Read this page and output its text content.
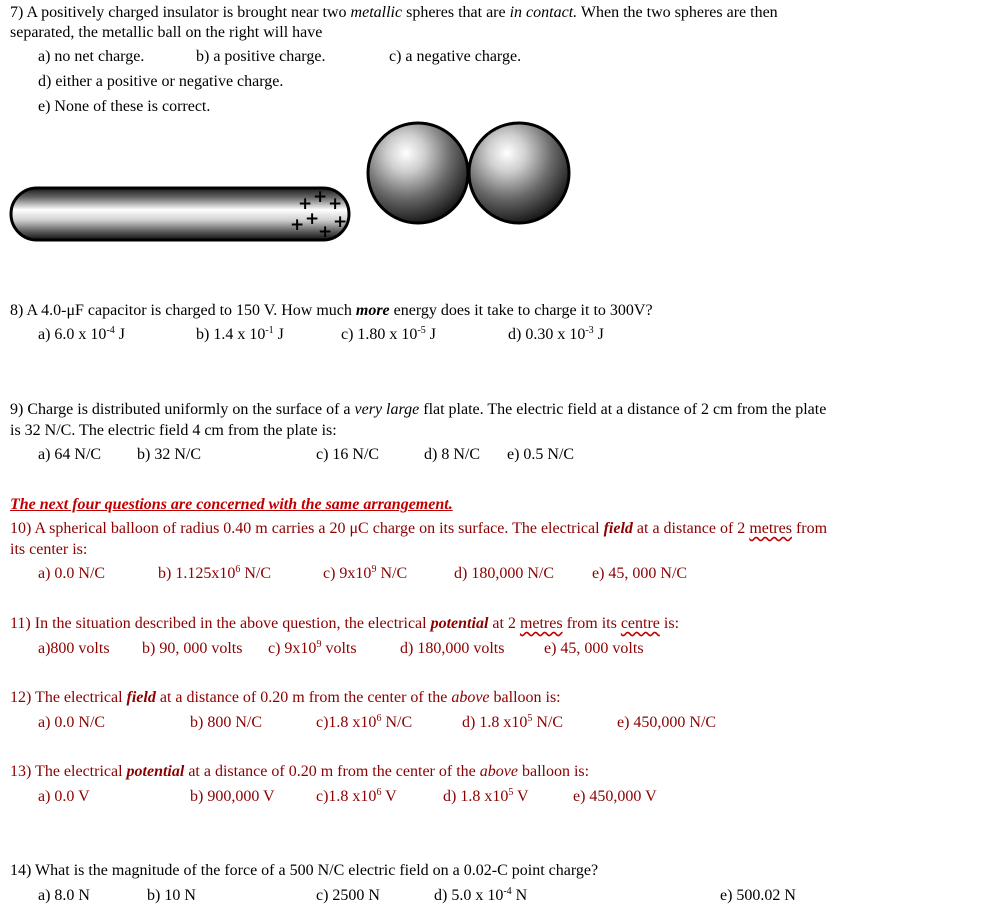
7) A positively charged insulator is brought near two metallic spheres that are in contact. When the two spheres are then
separated, the metallic ball on the right will have
a) no net charge.	b) a positive charge.	c) a negative charge.
d) either a positive or negative charge.
e) None of these is correct.
+ + +
+ +
+ +
8) A 4.0-μF capacitor is charged to 150 V. How much more energy does it take to charge it to 300V?
a) 6.0 x $10^{-4}$ J	b) 1.4 x $10^{-1}$ J	c) 1.80 x $10^{-5}$ J	d) 0.30 x $10^{-3}$ J
9) Charge is distributed uniformly on the surface of a very large flat plate. The electric field at a distance of 2 cm from the plate
is 32 N/C. The electric field 4 cm from the plate is:
a) 64 N/C b) 32 N/C	c) 16 N/C	d) 8 N/C e) 0.5 N/C
The next four questions are concerned with the same arrangement.
10) A spherical balloon of radius 0.40 m carries a 20 μC charge on its surface. The electrical field at a distance of 2 metres from
its center is:
a) 0.0 N/C	b) $1.125x10^6$ N/C	c) $9x10^9$ N/C	d) 180,000 N/C e) 45, 000 N/C
11) In the situation described in the above question, the electrical potential at 2 metres from its centre is:
a)800 volts b) 90, 000 volts c) $9x10^9$ volts	d) 180,000 volts e) 45, 000 volts
12) The electrical field at a distance of 0.20 m from the center of the above balloon is:
a) 0.0 N/C	b) 800 N/C	c)1.8 $x10^6$ N/C	d) 1.8 $x10^5$ N/C	e) 450,000 N/C
13) The electrical potential at a distance of 0.20 m from the center of the above balloon is:
a) 0.0 V	b) 900,000 V	c)1.8 $x10^6$ V	d) 1.8 $x10^5$ V	e) 450,000 V
14) What is the magnitude of the force of a 500 N/C electric field on a 0.02-C point charge?
a) 8.0 N	b) 10 N	c) 2500 N	d) 5.0 x $10^{-4}$ N	e) 500.02 N
